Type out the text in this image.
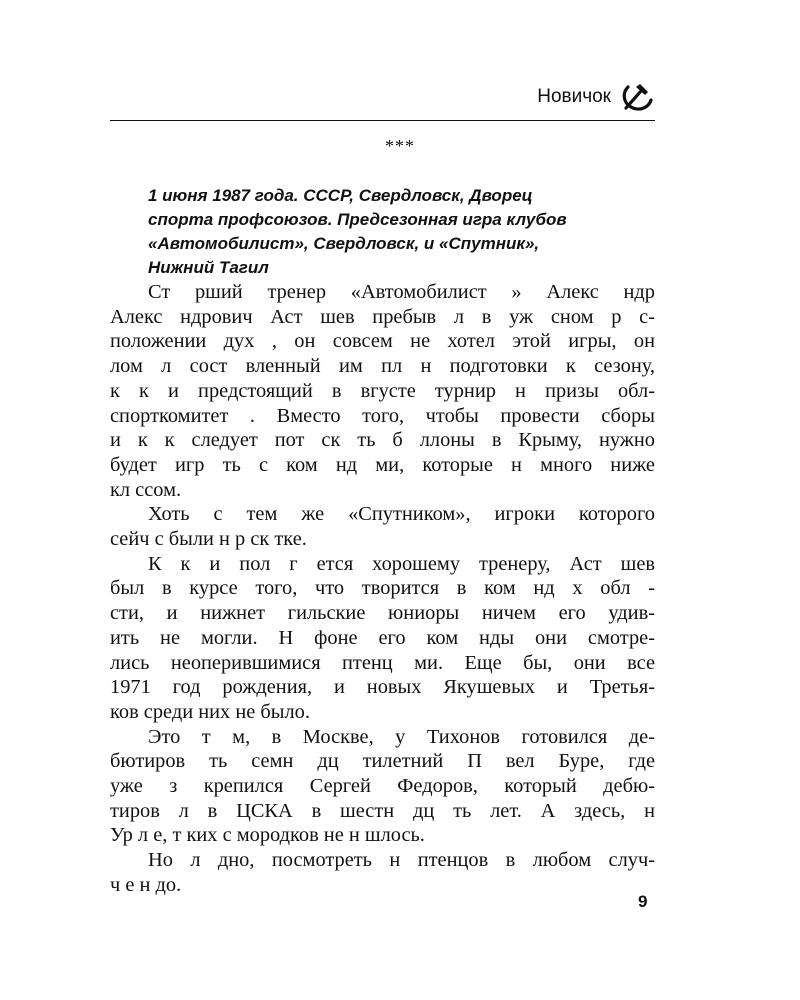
Новичок
***
1 июня 1987 года. СССР, Свердловск, Дворец
спорта профсоюзов. Предсезонная игра клубов
«Автомобилист», Свердловск, и «Спутник»,
Нижний Тагил

Ст рший тренер «Автомобилист » Алекс ндр
Алекс ндрович Аст шев пребыв л в уж сном р с-
положении дух , он совсем не хотел этой игры, он
лом л сост вленный им пл н подготовки к сезону,
к к и предстоящий в вгусте турнир н призы обл-
спорткомитет . Вместо того, чтобы провести сборы
и к к следует пот ск ть б ллоны в Крыму, нужно
будет игр ть с ком нд ми, которые н много ниже
кл ссом.

Хоть с тем же «Спутником», игроки которого
сейч с были н р ск тке.

К к и пол г ется хорошему тренеру, Аст шев
был в курсе того, что творится в ком нд х обл -
сти, и нижнет гильские юниоры ничем его удив-
ить не могли. Н фоне его ком нды они смотре-
лись неоперившимися птенц ми. Еще бы, они все
1971 год рождения, и новых Якушевых и Третья-
ков среди них не было.

Это т м, в Москве, у Тихонов готовился де-
бютиров ть семн дц тилетний П вел Буре, где
уже з крепился Сергей Федоров, который дебю-
тиров л в ЦСКА в шестн дц ть лет. А здесь, н
Ур л е, т ких с мородков не н шлось.

Но л дно, посмотреть н птенцов в любом случ-
ч е н до.

9
